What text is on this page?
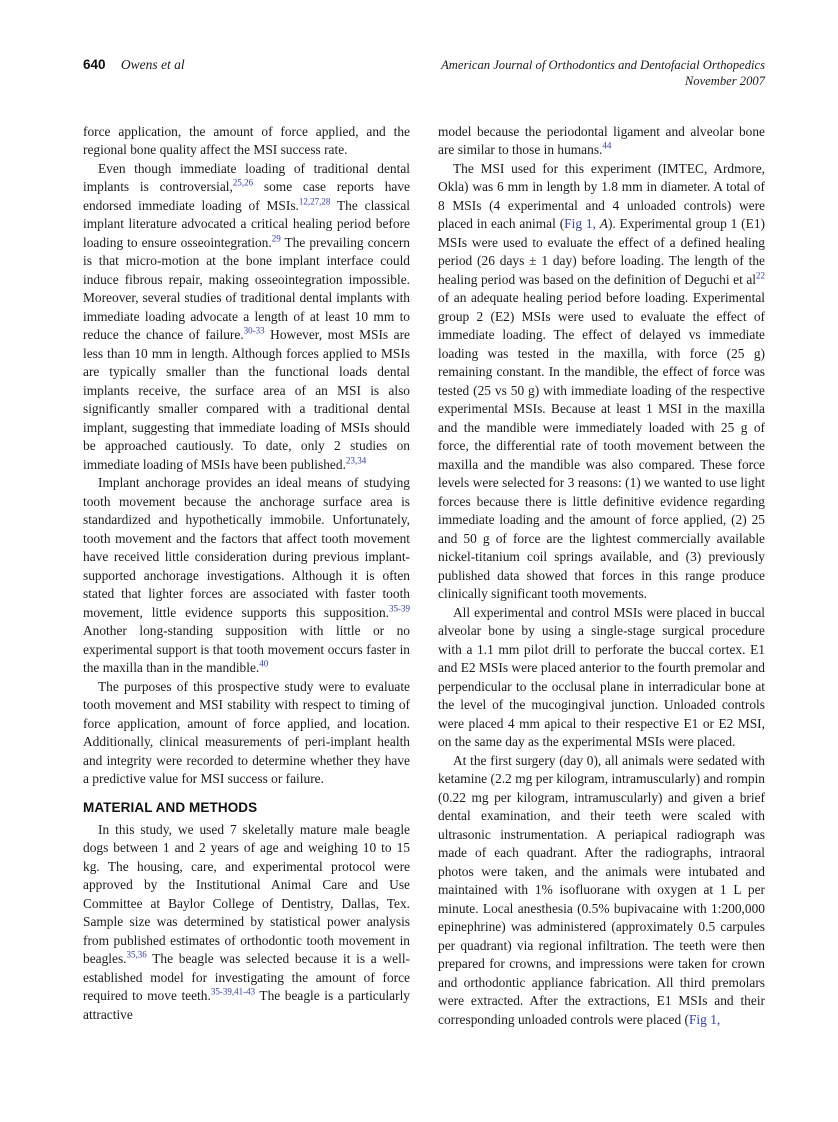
640 Owens et al	American Journal of Orthodontics and Dentofacial Orthopedics
November 2007

force application, the amount of force applied, and the regional bone quality affect the MSI success rate.

Even though immediate loading of traditional dental implants is controversial,$^{25,26}$ some case reports have endorsed immediate loading of MSIs.$^{12,27,28}$ The classical implant literature advocated a critical healing period before loading to ensure osseointegration.$^{29}$ The prevailing concern is that micro-motion at the bone implant interface could induce fibrous repair, making osseointegration impossible. Moreover, several studies of traditional dental implants with immediate loading advocate a length of at least 10 mm to reduce the chance of failure.$^{30-33}$ However, most MSIs are less than 10 mm in length. Although forces applied to MSIs are typically smaller than the functional loads dental implants receive, the surface area of an MSI is also significantly smaller compared with a traditional dental implant, suggesting that immediate loading of MSIs should be approached cautiously. To date, only 2 studies on immediate loading of MSIs have been published.$^{23,34}$

Implant anchorage provides an ideal means of studying tooth movement because the anchorage surface area is standardized and hypothetically immobile. Unfortunately, tooth movement and the factors that affect tooth movement have received little consideration during previous implant-supported anchorage investigations. Although it is often stated that lighter forces are associated with faster tooth movement, little evidence supports this supposition.$^{35-39}$ Another long-standing supposition with little or no experimental support is that tooth movement occurs faster in the maxilla than in the mandible.$^{40}$

The purposes of this prospective study were to evaluate tooth movement and MSI stability with respect to timing of force application, amount of force applied, and location. Additionally, clinical measurements of peri-implant health and integrity were recorded to determine whether they have a predictive value for MSI success or failure.

MATERIAL AND METHODS

In this study, we used 7 skeletally mature male beagle dogs between 1 and 2 years of age and weighing 10 to 15 kg. The housing, care, and experimental protocol were approved by the Institutional Animal Care and Use Committee at Baylor College of Dentistry, Dallas, Tex. Sample size was determined by statistical power analysis from published estimates of orthodontic tooth movement in beagles.$^{35,36}$ The beagle was selected because it is a well-established model for investigating the amount of force required to move teeth.$^{35-39,41-43}$ The beagle is a particularly attractive

model because the periodontal ligament and alveolar bone are similar to those in humans.$^{44}$

The MSI used for this experiment (IMTEC, Ardmore, Okla) was 6 mm in length by 1.8 mm in diameter. A total of 8 MSIs (4 experimental and 4 unloaded controls) were placed in each animal (Fig 1, A). Experimental group 1 (E1) MSIs were used to evaluate the effect of a defined healing period (26 days ± 1 day) before loading. The length of the healing period was based on the definition of Deguchi et $al^{22}$ of an adequate healing period before loading. Experimental group 2 (E2) MSIs were used to evaluate the effect of immediate loading. The effect of delayed vs immediate loading was tested in the maxilla, with force (25 g) remaining constant. In the mandible, the effect of force was tested (25 vs 50 g) with immediate loading of the respective experimental MSIs. Because at least 1 MSI in the maxilla and the mandible were immediately loaded with 25 g of force, the differential rate of tooth movement between the maxilla and the mandible was also compared. These force levels were selected for 3 reasons: (1) we wanted to use light forces because there is little definitive evidence regarding immediate loading and the amount of force applied, (2) 25 and 50 g of force are the lightest commercially available nickel-titanium coil springs available, and (3) previously published data showed that forces in this range produce clinically significant tooth movements.

All experimental and control MSIs were placed in buccal alveolar bone by using a single-stage surgical procedure with a 1.1 mm pilot drill to perforate the buccal cortex. E1 and E2 MSIs were placed anterior to the fourth premolar and perpendicular to the occlusal plane in interradicular bone at the level of the mucogingival junction. Unloaded controls were placed 4 mm apical to their respective E1 or E2 MSI, on the same day as the experimental MSIs were placed.

At the first surgery (day 0), all animals were sedated with ketamine (2.2 mg per kilogram, intramuscularly) and rompin (0.22 mg per kilogram, intramuscularly) and given a brief dental examination, and their teeth were scaled with ultrasonic instrumentation. A periapical radiograph was made of each quadrant. After the radiographs, intraoral photos were taken, and the animals were intubated and maintained with 1% isofluorane with oxygen at 1 L per minute. Local anesthesia (0.5% bupivacaine with 1:200,000 epinephrine) was administered (approximately 0.5 carpules per quadrant) via regional infiltration. The teeth were then prepared for crowns, and impressions were taken for crown and orthodontic appliance fabrication. All third premolars were extracted. After the extractions, E1 MSIs and their corresponding unloaded controls were placed (Fig 1,
